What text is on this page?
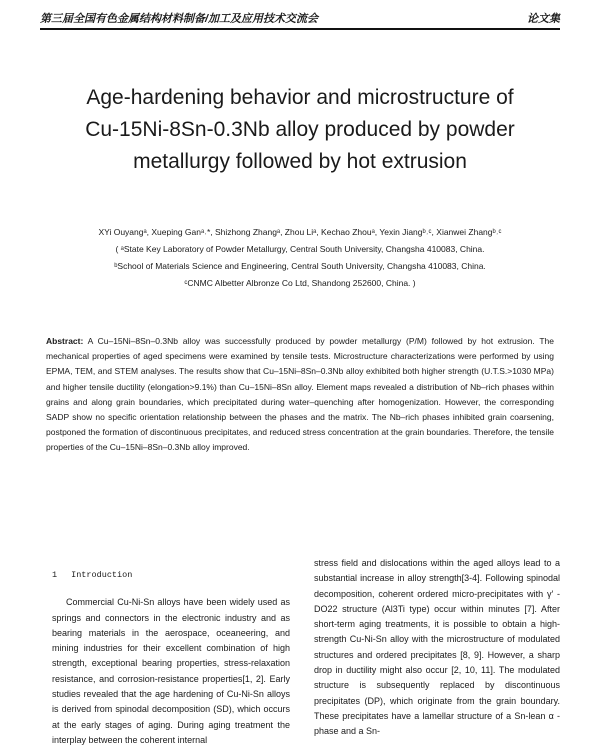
第三届全国有色金属结构材料制备/加工及应用技术交流会	论文集
Age-hardening behavior and microstructure of
Cu-15Ni-8Sn-0.3Nb alloy produced by powder
metallurgy followed by hot extrusion
XYi Ouyangᵃ, Xueping Ganᵃ˒*, Shizhong Zhangᵃ, Zhou Liᵃ, Kechao Zhouᵃ, Yexin Jiangᵇ˒ᶜ, Xianwei Zhangᵇ˒ᶜ
( ᵃState Key Laboratory of Powder Metallurgy, Central South University, Changsha 410083, China.
ᵇSchool of Materials Science and Engineering, Central South University, Changsha 410083, China.
ᶜCNMC Albetter Albronze Co Ltd, Shandong 252600, China. )
Abstract: A Cu–15Ni–8Sn–0.3Nb alloy was successfully produced by powder metallurgy (P/M) followed by hot extrusion. The mechanical properties of aged specimens were examined by tensile tests. Microstructure characterizations were performed by using EPMA, TEM, and STEM analyses. The results show that Cu–15Ni–8Sn–0.3Nb alloy exhibited both higher strength (U.T.S.>1030 MPa) and higher tensile ductility (elongation>9.1%) than Cu–15Ni–8Sn alloy. Element maps revealed a distribution of Nb–rich phases within grains and along grain boundaries, which precipitated during water–quenching after homogenization. However, the corresponding SADP show no specific orientation relationship between the phases and the matrix. The Nb–rich phases inhibited grain coarsening, postponed the formation of discontinuous precipitates, and reduced stress concentration at the grain boundaries. Therefore, the tensile properties of the Cu–15Ni–8Sn–0.3Nb alloy improved.
1 Introduction

Commercial Cu-Ni-Sn alloys have been widely used as springs and connectors in the electronic industry and as bearing materials in the aerospace, oceaneering, and mining industries for their excellent combination of high strength, exceptional bearing properties, stress-relaxation resistance, and corrosion-resistance properties[1, 2]. Early studies revealed that the age hardening of Cu-Ni-Sn alloys is derived from spinodal decomposition (SD), which occurs at the early stages of aging. During aging treatment the interplay between the coherent internal

stress field and dislocations within the aged alloys lead to a substantial increase in alloy strength[3-4]. Following spinodal decomposition, coherent ordered micro-precipitates with γ′ -DO22 structure (Al3Ti type) occur within minutes [7]. After short-term aging treatments, it is possible to obtain a high-strength Cu-Ni-Sn alloy with the microstructure of modulated structures and ordered precipitates [8, 9]. However, a sharp drop in ductility might also occur [2, 10, 11]. The modulated structure is subsequently replaced by discontinuous precipitates (DP), which originate from the grain boundary. These precipitates have a lamellar structure of a Sn-lean α -phase and a Sn-
